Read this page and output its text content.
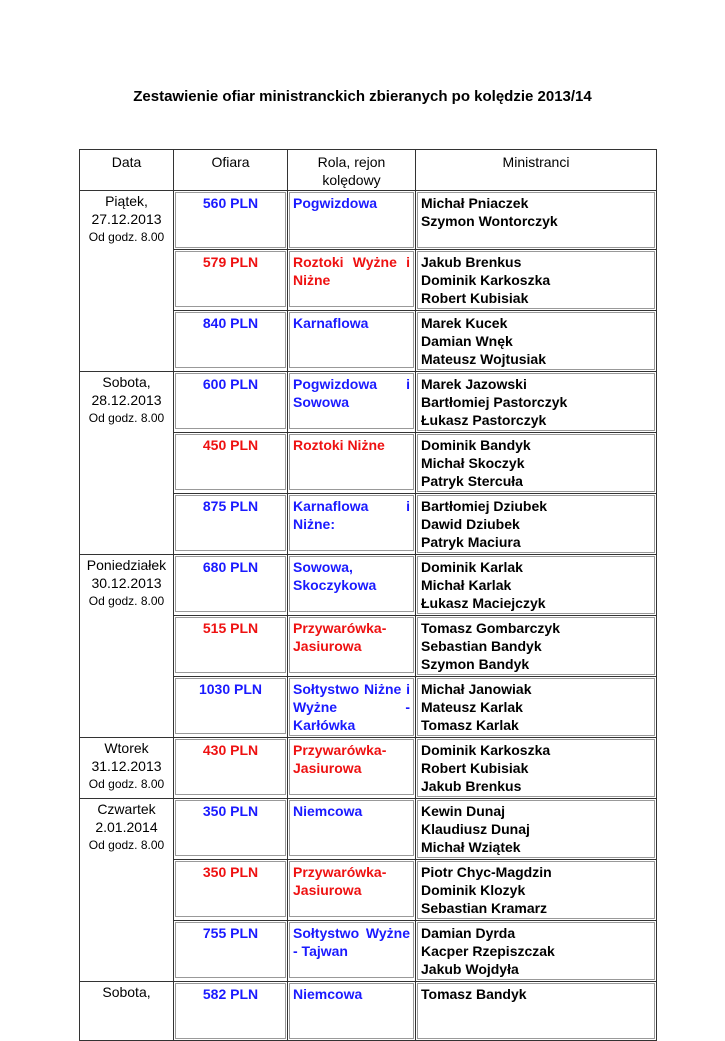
Zestawienie ofiar ministranckich zbieranych po kolędzie 2013/14
Data	Ofiara	Rola, rejon kolędowy	Ministranci

Piątek,
27.12.2013
Od godz. 8.00	560 PLN	Pogwizdowa	Michał Pniaczek
Szymon Wontorczyk

	579 PLN	Roztoki Wyżne i Niżne	Jakub Brenkus
Dominik Karkoszka
Robert Kubisiak

	840 PLN	Karnaflowa	Marek Kucek
Damian Wnęk
Mateusz Wojtusiak

Sobota,
28.12.2013
Od godz. 8.00	600 PLN	Pogwizdowa i Sowowa	Marek Jazowski
Bartłomiej Pastorczyk
Łukasz Pastorczyk

	450 PLN	Roztoki Niżne	Dominik Bandyk
Michał Skoczyk
Patryk Stercuła

	875 PLN	Karnaflowa i Niżne:	Bartłomiej Dziubek
Dawid Dziubek
Patryk Maciura

Poniedziałek
30.12.2013
Od godz. 8.00	680 PLN	Sowowa, Skoczykowa	Dominik Karlak
Michał Karlak
Łukasz Maciejczyk

	515 PLN	Przywarówka- Jasiurowa	Tomasz Gombarczyk
Sebastian Bandyk
Szymon Bandyk

	1030 PLN	Sołtystwo Niżne i Wyżne - Karłówka	Michał Janowiak
Mateusz Karlak
Tomasz Karlak

Wtorek
31.12.2013
Od godz. 8.00	430 PLN	Przywarówka- Jasiurowa	Dominik Karkoszka
Robert Kubisiak
Jakub Brenkus

Czwartek
2.01.2014
Od godz. 8.00	350 PLN	Niemcowa	Kewin Dunaj
Klaudiusz Dunaj
Michał Wziątek

	350 PLN	Przywarówka- Jasiurowa	Piotr Chyc-Magdzin
Dominik Klozyk
Sebastian Kramarz

	755 PLN	Sołtystwo Wyżne - Tajwan	Damian Dyrda
Kacper Rzepiszczak
Jakub Wojdyła

Sobota,	582 PLN	Niemcowa	Tomasz Bandyk
